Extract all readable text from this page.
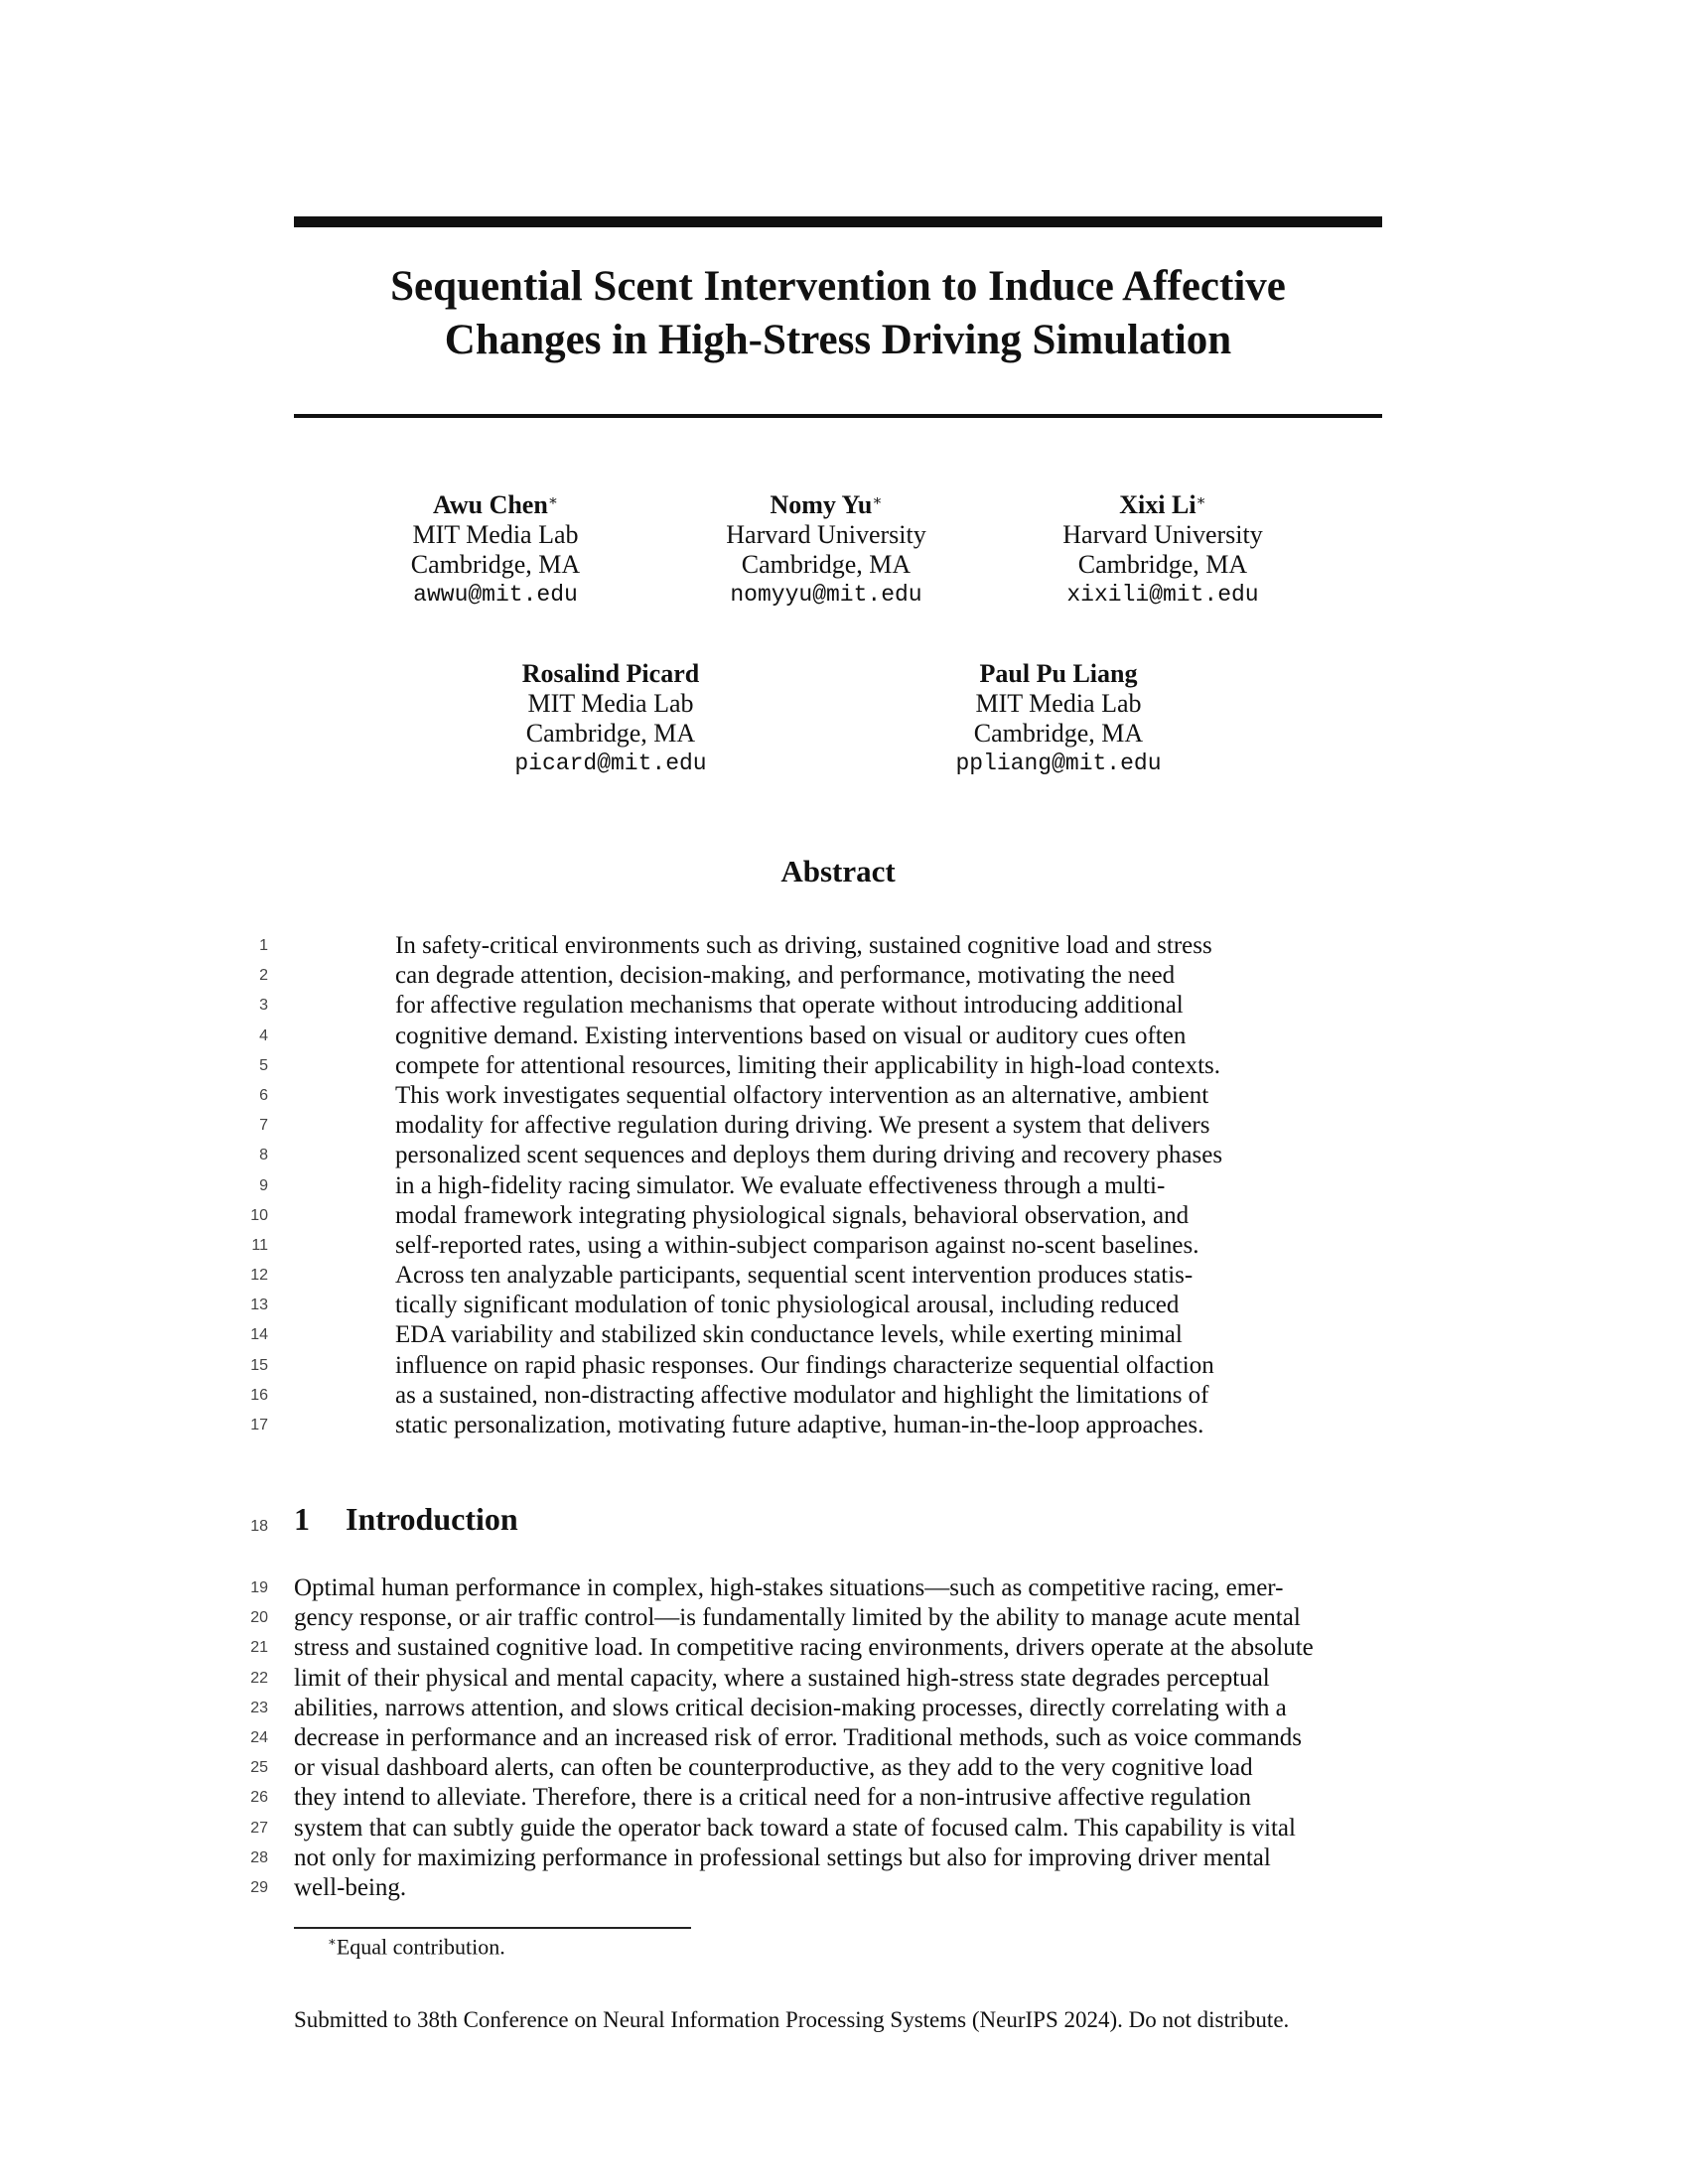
Sequential Scent Intervention to Induce Affective
Changes in High-Stress Driving Simulation
Awu Chen∗
MIT Media Lab
Cambridge, MA
awwu@mit.edu
Nomy Yu∗
Harvard University
Cambridge, MA
nomyyu@mit.edu
Xixi Li∗
Harvard University
Cambridge, MA
xixili@mit.edu
Rosalind Picard
MIT Media Lab
Cambridge, MA
picard@mit.edu
Paul Pu Liang
MIT Media Lab
Cambridge, MA
ppliang@mit.edu
Abstract
1
2
3
4
5
6
7
8
9
10
11
12
13
14
15
16
17
In safety-critical environments such as driving, sustained cognitive load and stress
can degrade attention, decision-making, and performance, motivating the need
for affective regulation mechanisms that operate without introducing additional
cognitive demand. Existing interventions based on visual or auditory cues often
compete for attentional resources, limiting their applicability in high-load contexts.
This work investigates sequential olfactory intervention as an alternative, ambient
modality for affective regulation during driving. We present a system that delivers
personalized scent sequences and deploys them during driving and recovery phases
in a high-fidelity racing simulator. We evaluate effectiveness through a multi-
modal framework integrating physiological signals, behavioral observation, and
self-reported rates, using a within-subject comparison against no-scent baselines.
Across ten analyzable participants, sequential scent intervention produces statis-
tically significant modulation of tonic physiological arousal, including reduced
EDA variability and stabilized skin conductance levels, while exerting minimal
influence on rapid phasic responses. Our findings characterize sequential olfaction
as a sustained, non-distracting affective modulator and highlight the limitations of
static personalization, motivating future adaptive, human-in-the-loop approaches.
18 1 Introduction
19
20
21
22
23
24
25
26
27
28
29
Optimal human performance in complex, high-stakes situations—such as competitive racing, emer-
gency response, or air traffic control—is fundamentally limited by the ability to manage acute mental
stress and sustained cognitive load. In competitive racing environments, drivers operate at the absolute
limit of their physical and mental capacity, where a sustained high-stress state degrades perceptual
abilities, narrows attention, and slows critical decision-making processes, directly correlating with a
decrease in performance and an increased risk of error. Traditional methods, such as voice commands
or visual dashboard alerts, can often be counterproductive, as they add to the very cognitive load
they intend to alleviate. Therefore, there is a critical need for a non-intrusive affective regulation
system that can subtly guide the operator back toward a state of focused calm. This capability is vital
not only for maximizing performance in professional settings but also for improving driver mental
well-being.
∗Equal contribution.
Submitted to 38th Conference on Neural Information Processing Systems (NeurIPS 2024). Do not distribute.
